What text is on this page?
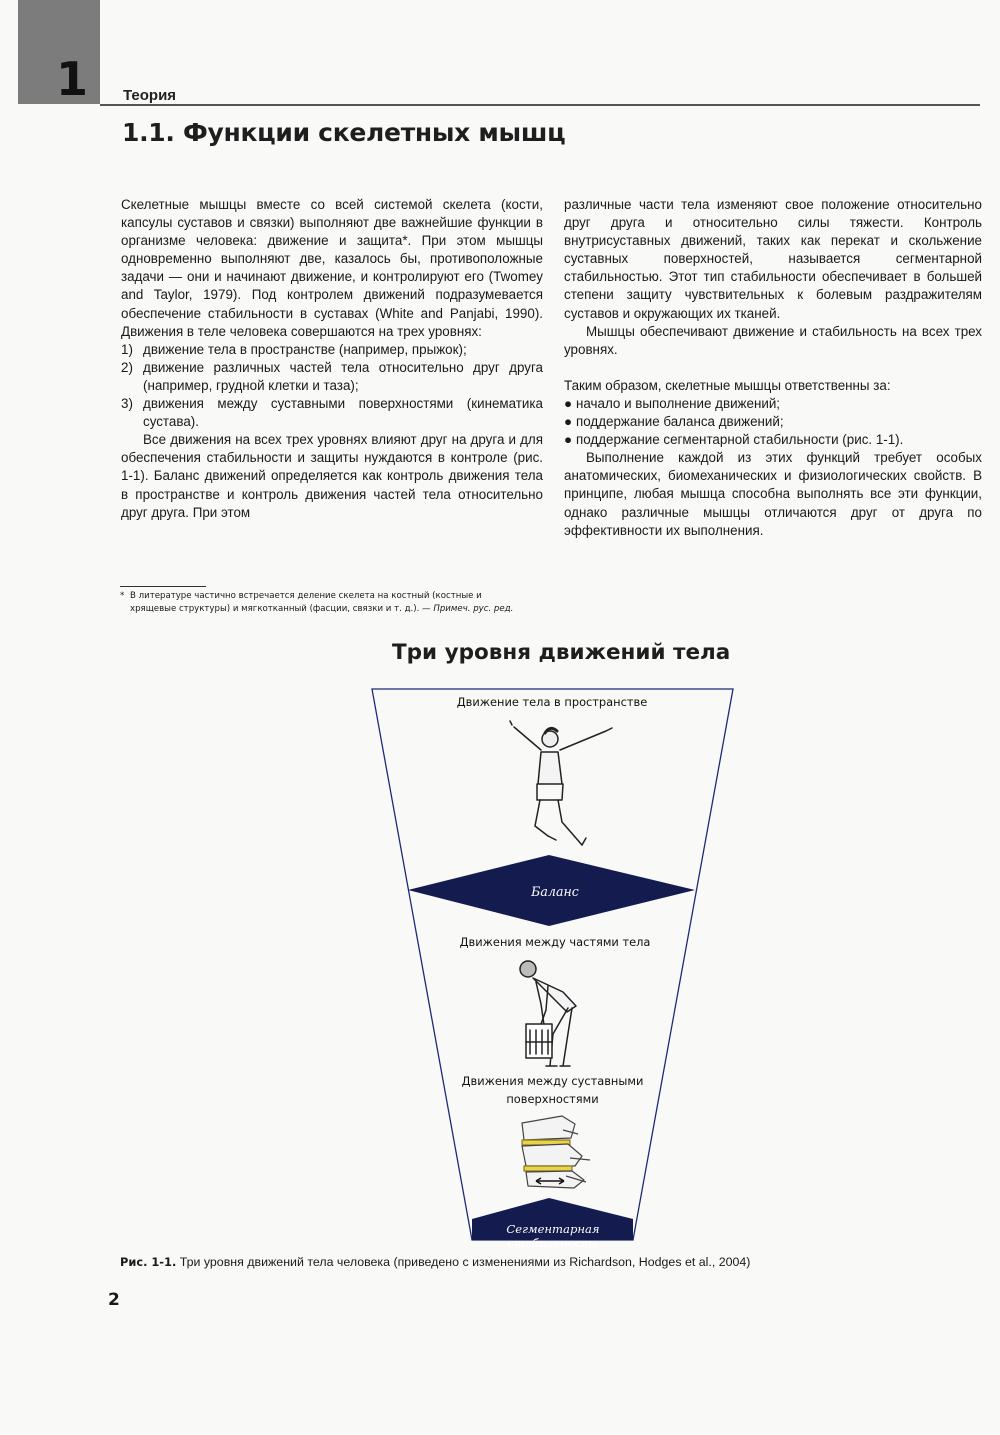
1 Теория
1.1. Функции скелетных мышц

Скелетные мышцы вместе со всей системой скелета (кости, капсулы суставов и связки) выполняют две важнейшие функции в организме человека: движение и защита*. При этом мышцы одновременно выполняют две, казалось бы, противоположные задачи — они и начинают движение, и контролируют его (Twomey and Taylor, 1979). Под контролем движений подразумевается обеспечение стабильности в суставах (White and Panjabi, 1990). Движения в теле человека совершаются на трех уровнях:

1) движение тела в пространстве (например, прыжок);
2) движение различных частей тела относительно друг друга (например, грудной клетки и таза);
3) движения между суставными поверхностями (кинематика сустава).

Все движения на всех трех уровнях влияют друг на друга и для обеспечения стабильности и защиты нуждаются в контроле (рис. 1-1). Баланс движений определяется как контроль движения тела в пространстве и контроль движения частей тела относительно друг друга. При этом

различные части тела изменяют свое положение относительно друг друга и относительно силы тяжести. Контроль внутрисуставных движений, таких как перекат и скольжение суставных поверхностей, называется сегментарной стабильностью. Этот тип стабильности обеспечивает в большей степени защиту чувствительных к болевым раздражителям суставов и окружающих их тканей.

Мышцы обеспечивают движение и стабильность на всех трех уровнях.

Таким образом, скелетные мышцы ответственны за:

● начало и выполнение движений;
● поддержание баланса движений;
● поддержание сегментарной стабильности (рис. 1-1).

Выполнение каждой из этих функций требует особых анатомических, биомеханических и физиологических свойств. В принципе, любая мышца способна выполнять все эти функции, однако различные мышцы отличаются друг от друга по эффективности их выполнения.

* В литературе частично встречается деление скелета на костный (костные и хрящевые структуры) и мягкотканный (фасции, связки и т. д.). — Примеч. рус. ред.
Три уровня движений тела
Движение тела в пространстве
Баланс
Движения между частями тела
Движения между суставными
поверхностями
Сегментарная стабильность
Рис. 1-1. Три уровня движений тела человека (приведено с изменениями из Richardson, Hodges et al., 2004)
2
